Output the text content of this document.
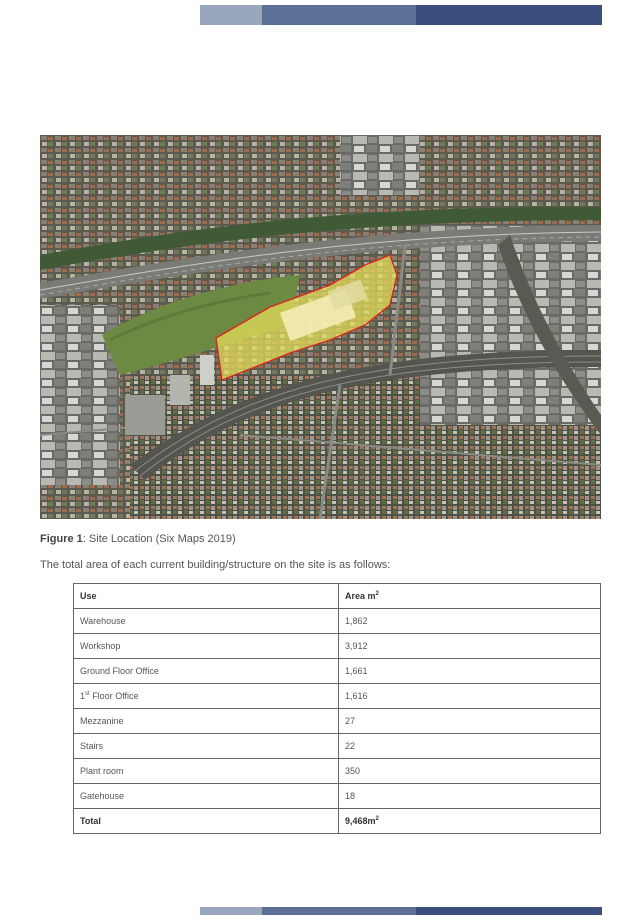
Figure 1: Site Location (Six Maps 2019)
The total area of each current building/structure on the site is as follows:
Use	Area $m^2$
Warehouse	1,862
Workshop	3,912
Ground Floor Office	1,661
1st Floor Office	1,616
Mezzanine	27
Stairs	22
Plant room	350
Gatehouse	18
Total	$9,468m^2$
